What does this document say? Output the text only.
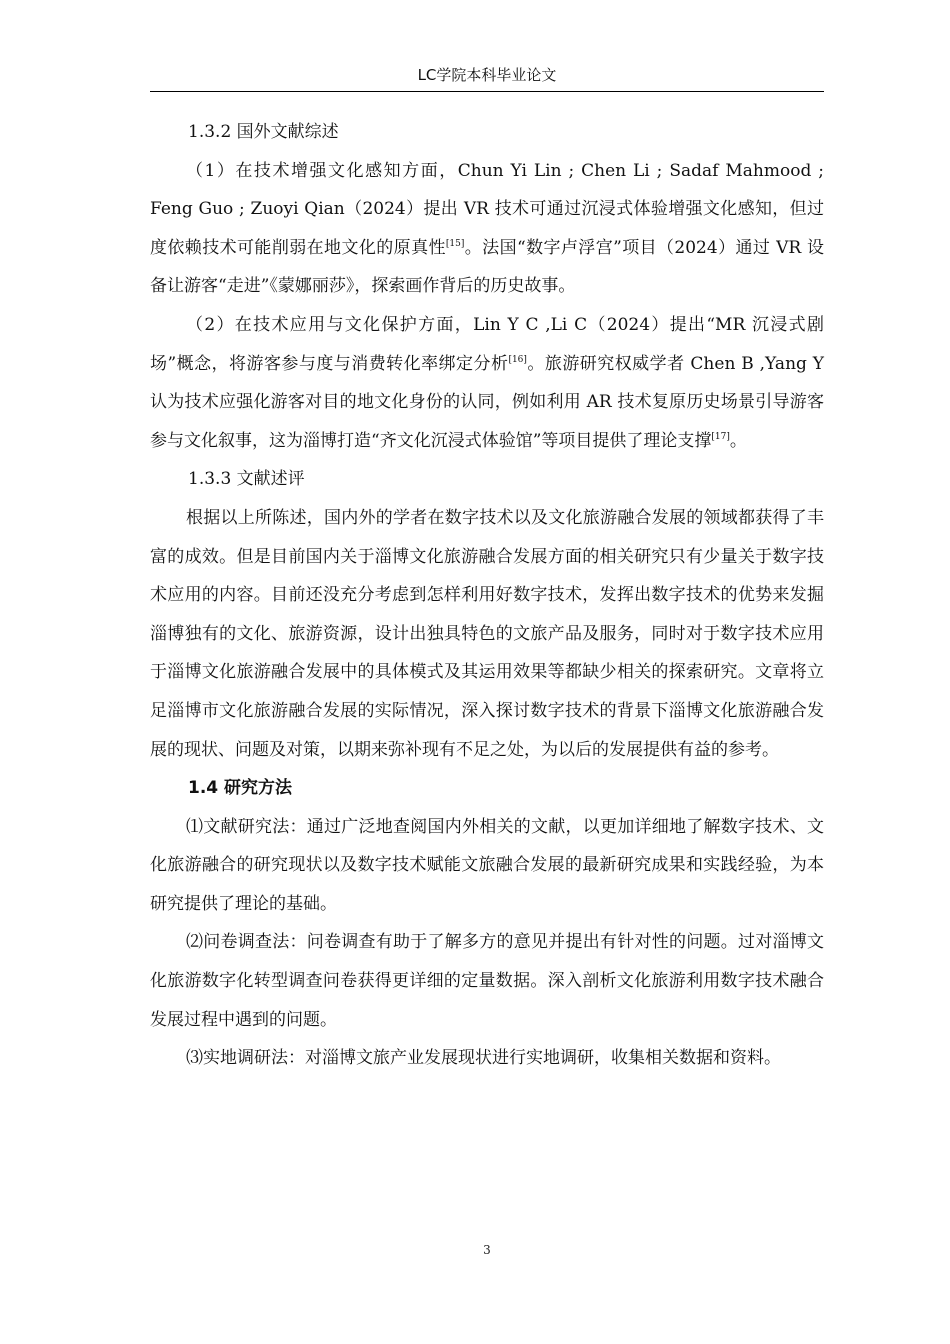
LC学院本科毕业论文

1.3.2 国外文献综述

（1）在技术增强文化感知方面，Chun Yi Lin ; Chen Li ; Sadaf Mahmood ; Feng Guo ; Zuoyi Qian（2024）提出 VR 技术可通过沉浸式体验增强文化感知，但过度依赖技术可能削弱在地文化的原真性[15]。法国“数字卢浮宫”项目（2024）通过 VR 设备让游客“走进”《蒙娜丽莎》，探索画作背后的历史故事。

（2）在技术应用与文化保护方面，Lin Y C ,Li C（2024）提出“MR 沉浸式剧场”概念，将游客参与度与消费转化率绑定分析[16]。旅游研究权威学者 Chen B ,Yang Y 认为技术应强化游客对目的地文化身份的认同，例如利用 AR 技术复原历史场景引导游客参与文化叙事，这为淄博打造“齐文化沉浸式体验馆”等项目提供了理论支撑[17]。

1.3.3 文献述评

根据以上所陈述，国内外的学者在数字技术以及文化旅游融合发展的领域都获得了丰富的成效。但是目前国内关于淄博文化旅游融合发展方面的相关研究只有少量关于数字技术应用的内容。目前还没充分考虑到怎样利用好数字技术，发挥出数字技术的优势来发掘淄博独有的文化、旅游资源，设计出独具特色的文旅产品及服务，同时对于数字技术应用于淄博文化旅游融合发展中的具体模式及其运用效果等都缺少相关的探索研究。文章将立足淄博市文化旅游融合发展的实际情况，深入探讨数字技术的背景下淄博文化旅游融合发展的现状、问题及对策，以期来弥补现有不足之处，为以后的发展提供有益的参考。

1.4 研究方法

⑴文献研究法：通过广泛地查阅国内外相关的文献，以更加详细地了解数字技术、文化旅游融合的研究现状以及数字技术赋能文旅融合发展的最新研究成果和实践经验，为本研究提供了理论的基础。

⑵问卷调查法：问卷调查有助于了解多方的意见并提出有针对性的问题。过对淄博文化旅游数字化转型调查问卷获得更详细的定量数据。深入剖析文化旅游利用数字技术融合发展过程中遇到的问题。

⑶实地调研法：对淄博文旅产业发展现状进行实地调研，收集相关数据和资料。

3
